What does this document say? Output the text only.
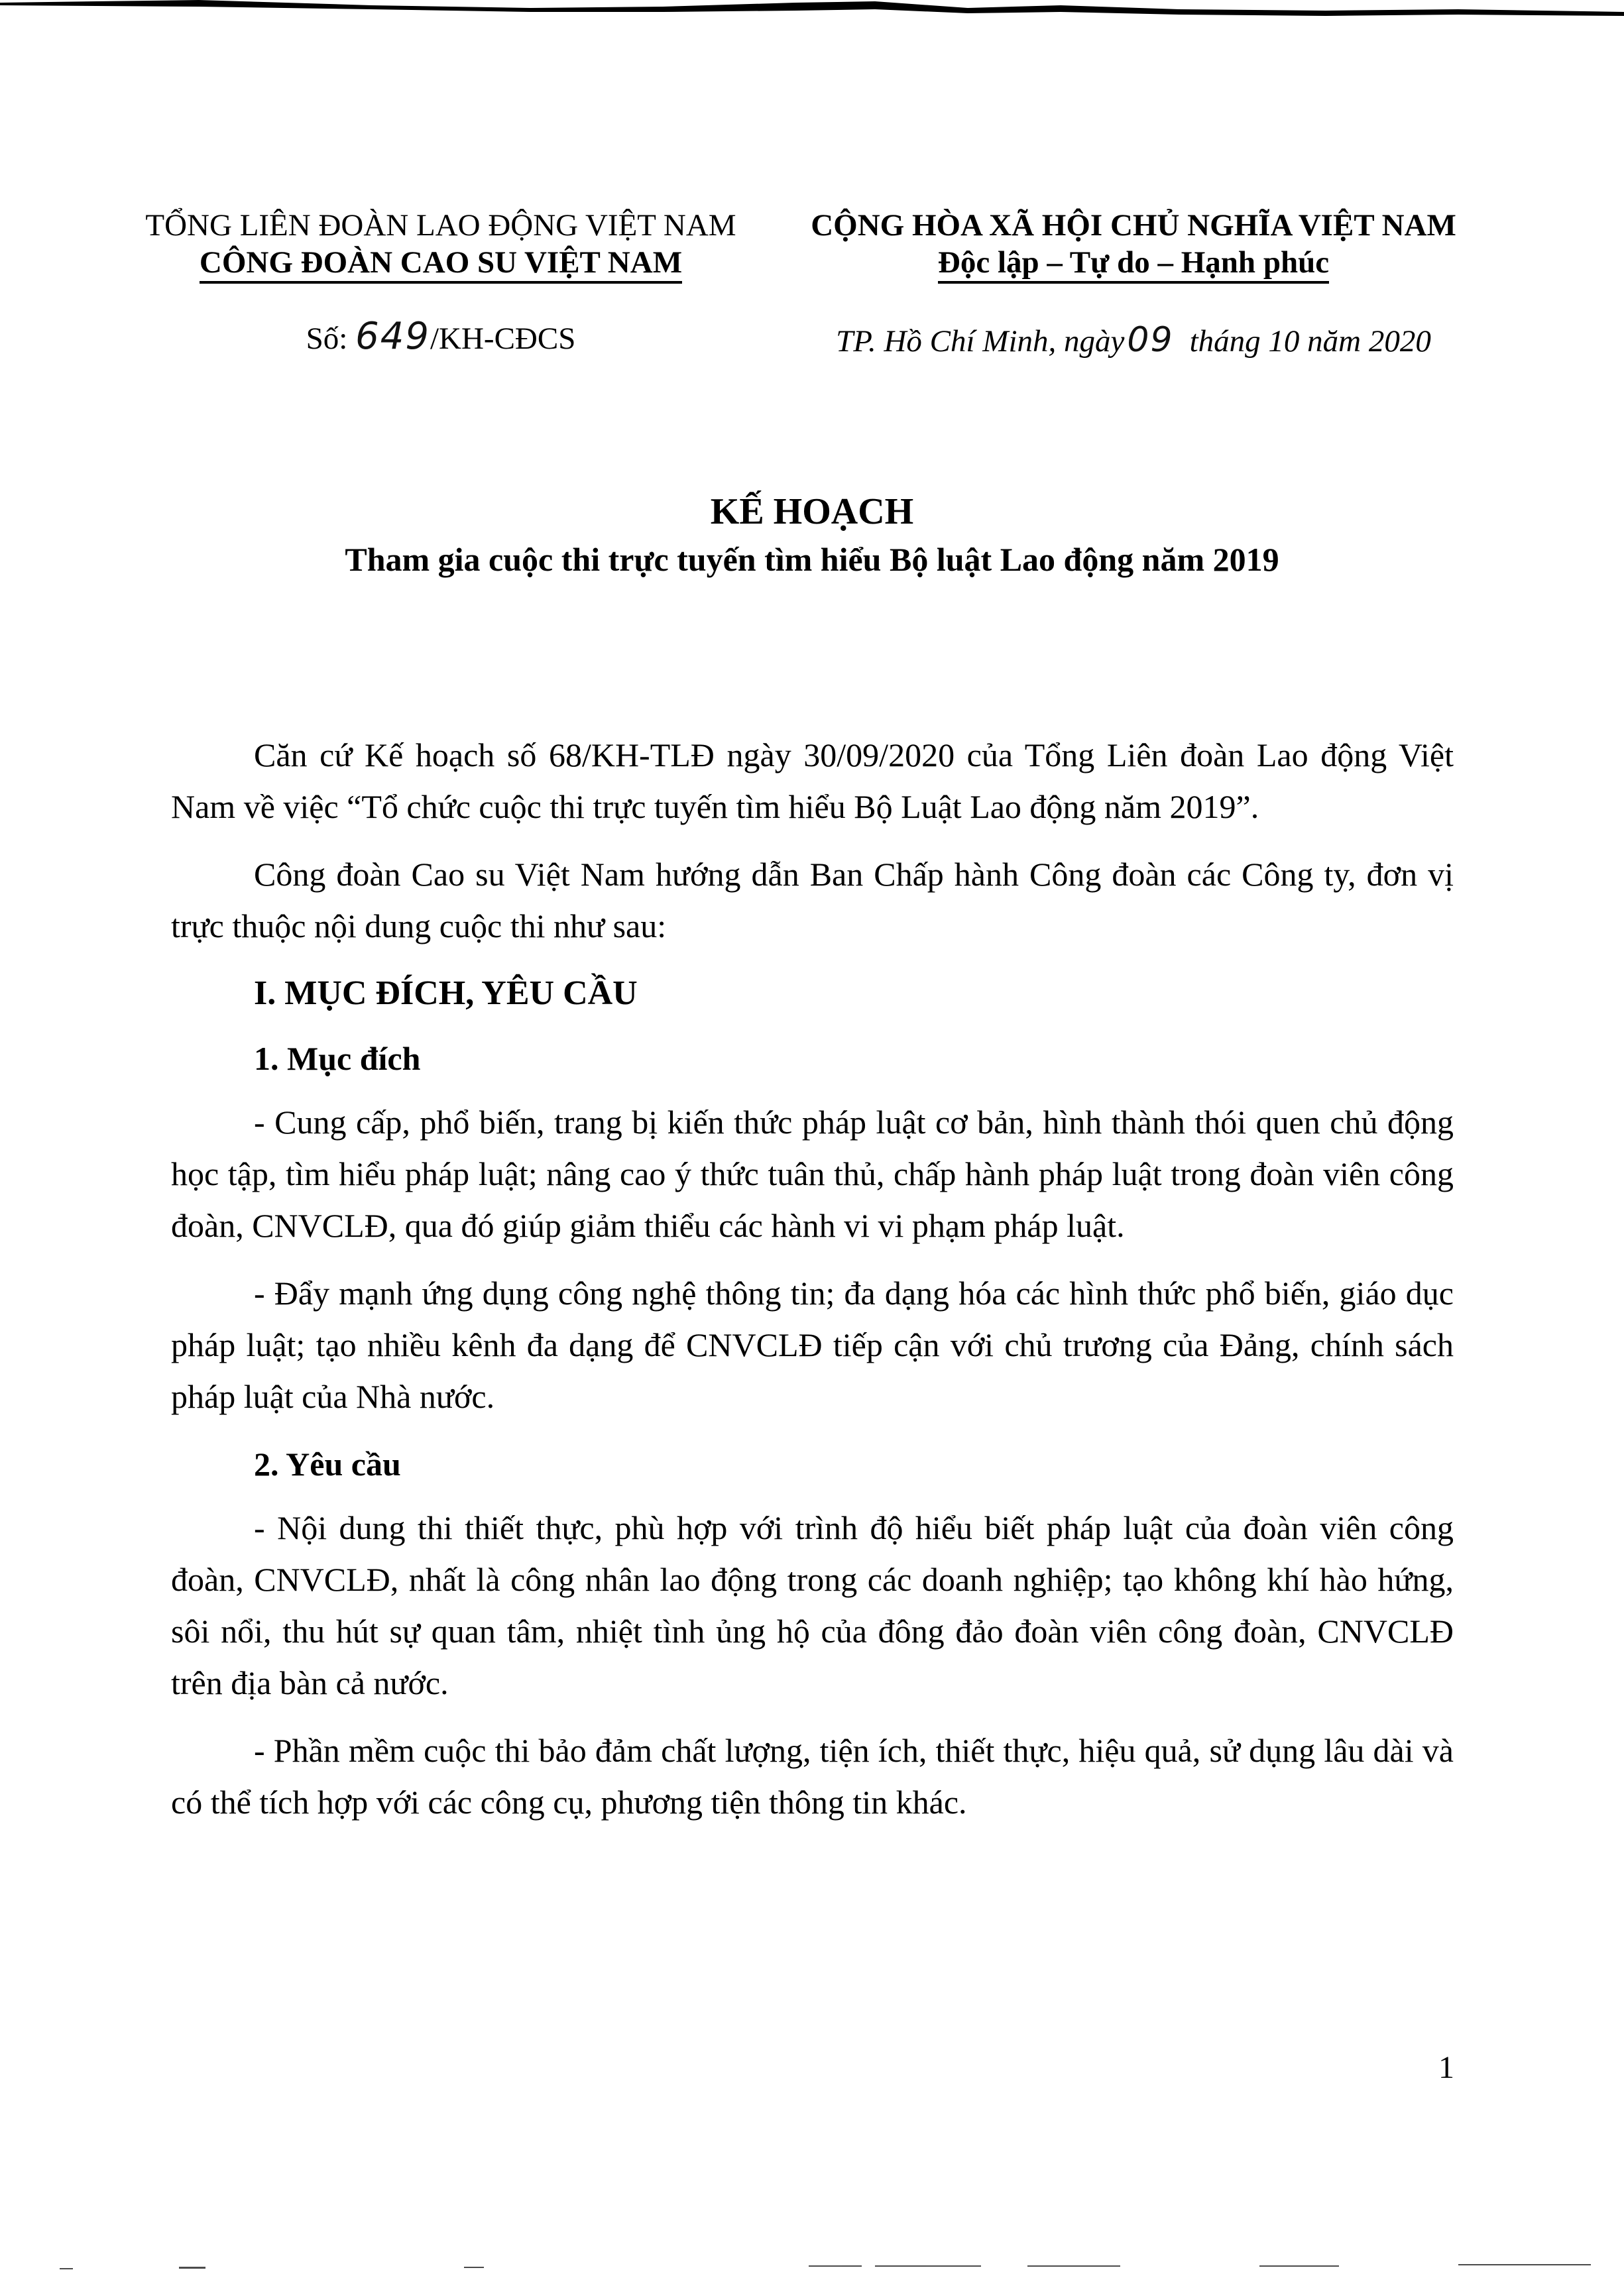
TỔNG LIÊN ĐOÀN LAO ĐỘNG VIỆT NAM
CÔNG ĐOÀN CAO SU VIỆT NAM
CỘNG HÒA XÃ HỘI CHỦ NGHĨA VIỆT NAM
Độc lập – Tự do – Hạnh phúc
Số: 649/KH-CĐCS	TP. Hồ Chí Minh, ngày09 tháng 10 năm 2020
KẾ HOẠCH
Tham gia cuộc thi trực tuyến tìm hiểu Bộ luật Lao động năm 2019

Căn cứ Kế hoạch số 68/KH-TLĐ ngày 30/09/2020 của Tổng Liên đoàn Lao động Việt Nam về việc “Tổ chức cuộc thi trực tuyến tìm hiểu Bộ Luật Lao động năm 2019”.

Công đoàn Cao su Việt Nam hướng dẫn Ban Chấp hành Công đoàn các Công ty, đơn vị trực thuộc nội dung cuộc thi như sau:

I. MỤC ĐÍCH, YÊU CẦU
1. Mục đích

- Cung cấp, phổ biến, trang bị kiến thức pháp luật cơ bản, hình thành thói quen chủ động học tập, tìm hiểu pháp luật; nâng cao ý thức tuân thủ, chấp hành pháp luật trong đoàn viên công đoàn, CNVCLĐ, qua đó giúp giảm thiểu các hành vi vi phạm pháp luật.

- Đẩy mạnh ứng dụng công nghệ thông tin; đa dạng hóa các hình thức phổ biến, giáo dục pháp luật; tạo nhiều kênh đa dạng để CNVCLĐ tiếp cận với chủ trương của Đảng, chính sách pháp luật của Nhà nước.

2. Yêu cầu

- Nội dung thi thiết thực, phù hợp với trình độ hiểu biết pháp luật của đoàn viên công đoàn, CNVCLĐ, nhất là công nhân lao động trong các doanh nghiệp; tạo không khí hào hứng, sôi nổi, thu hút sự quan tâm, nhiệt tình ủng hộ của đông đảo đoàn viên công đoàn, CNVCLĐ trên địa bàn cả nước.

- Phần mềm cuộc thi bảo đảm chất lượng, tiện ích, thiết thực, hiệu quả, sử dụng lâu dài và có thể tích hợp với các công cụ, phương tiện thông tin khác.

1
